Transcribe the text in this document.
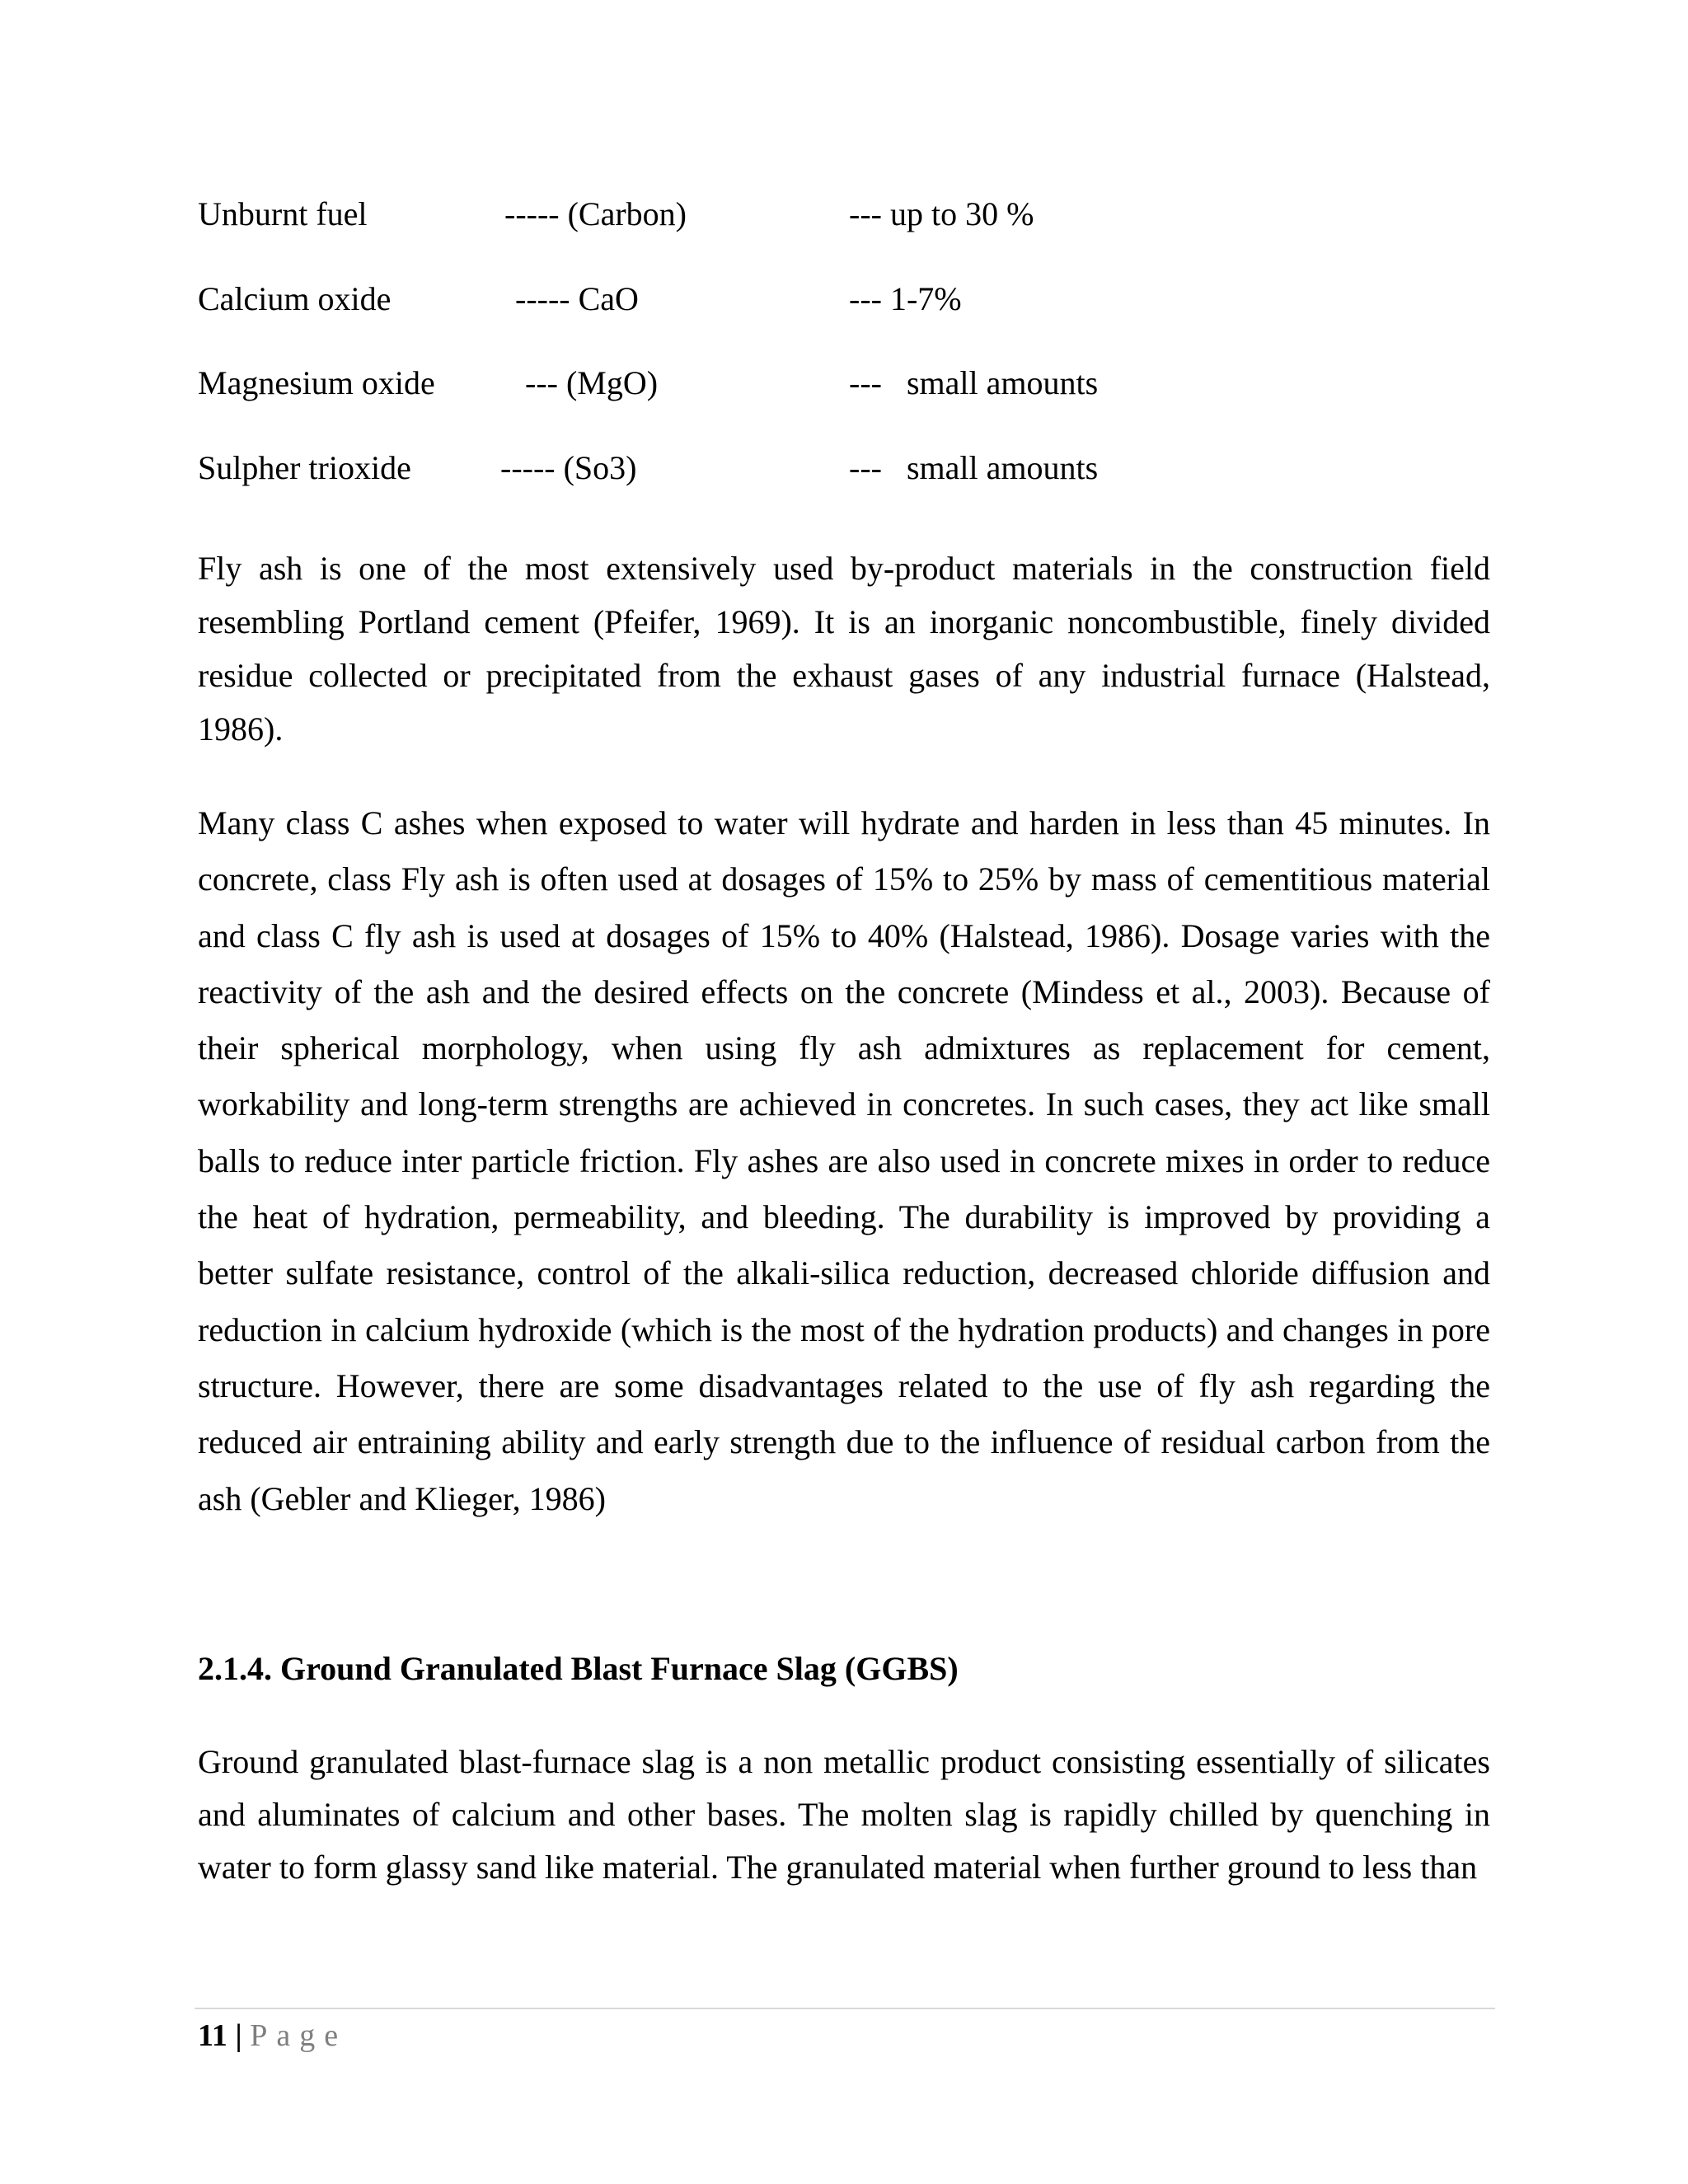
Unburnt fuel	----- (Carbon)	--- up to 30 %
Calcium oxide	----- CaO	--- 1-7%
Magnesium oxide	--- (MgO)	---   small amounts
Sulpher trioxide	----- (So3)	---   small amounts

Fly ash is one of the most extensively used by-product materials in the construction field resembling Portland cement (Pfeifer, 1969). It is an inorganic noncombustible, finely divided residue collected or precipitated from the exhaust gases of any industrial furnace (Halstead, 1986).

Many class C ashes when exposed to water will hydrate and harden in less than 45 minutes. In concrete, class Fly ash is often used at dosages of 15% to 25% by mass of cementitious material and class C fly ash is used at dosages of 15% to 40% (Halstead, 1986). Dosage varies with the reactivity of the ash and the desired effects on the concrete (Mindess et al., 2003). Because of their spherical morphology, when using fly ash admixtures as replacement for cement, workability and long-term strengths are achieved in concretes. In such cases, they act like small balls to reduce inter particle friction. Fly ashes are also used in concrete mixes in order to reduce the heat of hydration, permeability, and bleeding. The durability is improved by providing a better sulfate resistance, control of the alkali-silica reduction, decreased chloride diffusion and reduction in calcium hydroxide (which is the most of the hydration products) and changes in pore structure. However, there are some disadvantages related to the use of fly ash regarding the reduced air entraining ability and early strength due to the influence of residual carbon from the ash (Gebler and Klieger, 1986)

2.1.4. Ground Granulated Blast Furnace Slag (GGBS)

Ground granulated blast-furnace slag is a non metallic product consisting essentially of silicates and aluminates of calcium and other bases. The molten slag is rapidly chilled by quenching in water to form glassy sand like material. The granulated material when further ground to less than

11 | Page
